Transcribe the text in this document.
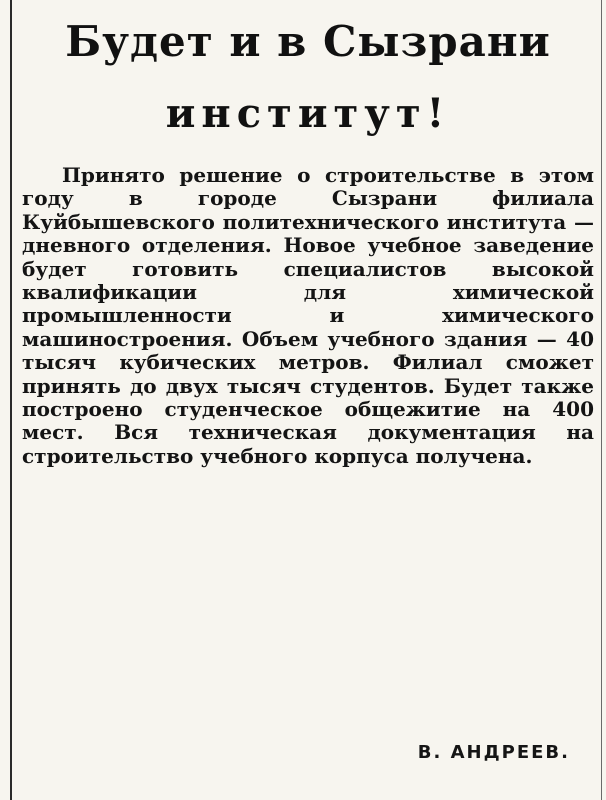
Будет и в Сызрани
институт!

Принято решение о строительстве в этом году в городе Сызрани филиала Куйбышевского политехнического института — дневного отделения. Новое учебное заведение будет готовить специалистов высокой квалификации для химической промышленности и химического машиностроения. Объем учебного здания — 40 тысяч кубических метров. Филиал сможет принять до двух тысяч студентов. Будет также построено студенческое общежитие на 400 мест. Вся техническая документация на строительство учебного корпуса получена.

В. АНДРЕЕВ.
